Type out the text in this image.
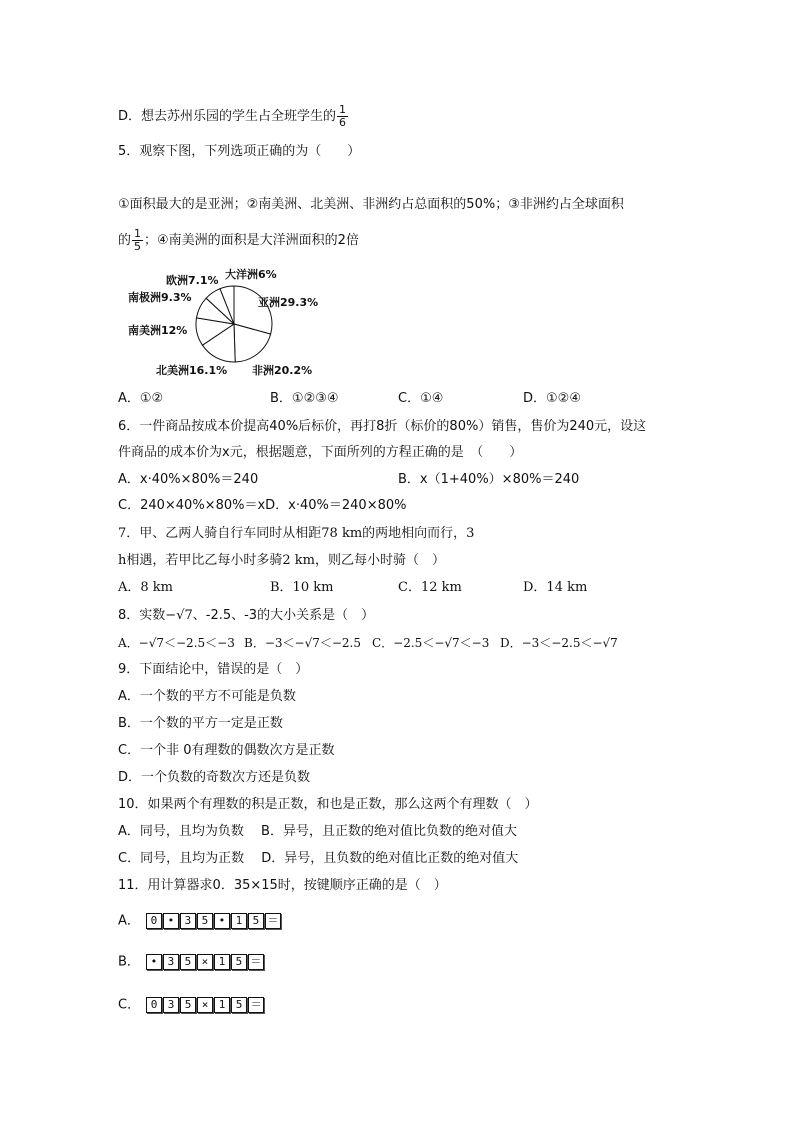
D．想去苏州乐园的学生占全班学生的 $\frac{1}{6}$
5．观察下图，下列选项正确的为（　　）
①面积最大的是亚洲；②南美洲、北美洲、非洲约占总面积的50%；③非洲约占全球面积
的 $\frac{1}{5}$ ；④南美洲的面积是大洋洲面积的2倍
大洋洲6%
欧洲7.1%
南极洲9.3%	亚洲29.3%
南美洲12%
北美洲16.1% 非洲20.2%
A．①②	B．①②③④	C．①④	D．①②④
6．一件商品按成本价提高40%后标价，再打8折（标价的80%）销售，售价为240元，设这
件商品的成本价为x元，根据题意，下面所列的方程正确的是　（　　）
A．x·40%×80%＝240	B．x（1+40%）×80%＝240
C．240×40%×80%＝xD．x·40%＝240×80%
7．甲、乙两人骑自行车同时从相距78 km的两地相向而行，3
h相遇，若甲比乙每小时多骑2 km，则乙每小时骑（　）
A．8 km	B．10 km	C．12 km	D．14 km
8．实数−√7、-2.5、-3的大小关系是（　）
A．−√7＜−2.5＜−3 B．−3＜−√7＜−2.5 C．−2.5＜−√7＜−3 D．−3＜−2.5＜−√7
9．下面结论中，错误的是（　）
A．一个数的平方不可能是负数
B．一个数的平方一定是正数
C．一个非 0有理数的偶数次方是正数
D．一个负数的奇数次方还是负数
10．如果两个有理数的积是正数，和也是正数，那么这两个有理数（　）
A．同号，且均为负数　 B．异号，且正数的绝对值比负数的绝对值大
C．同号，且均为正数　 D．异号，且负数的绝对值比正数的绝对值大
11．用计算器求0．35×15时，按键顺序正确的是（　）
A． 0 • 3 5 • 1 5 ＝
B． • 3 5 × 1 5 ＝
C． 0 3 5 × 1 5 ＝
